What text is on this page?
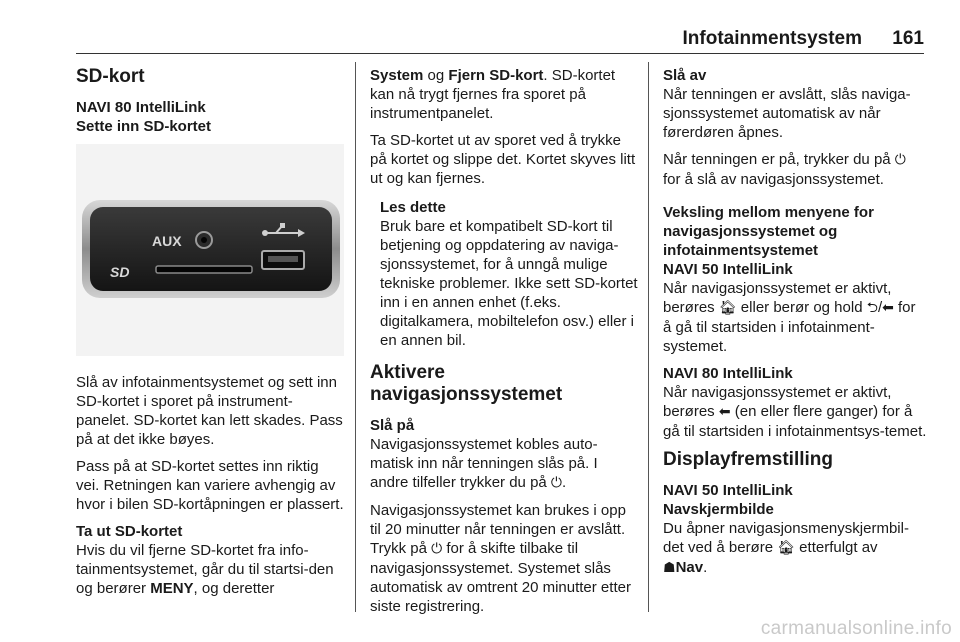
Infotainmentsystem 161
SD-kort
NAVI 80 IntelliLink
Sette inn SD-kortet
AUX
SD

Slå av infotainmentsystemet og sett inn SD-kortet i sporet på instrument-panelet. SD-kortet kan lett skades. Pass på at det ikke bøyes.

Pass på at SD-kortet settes inn riktig vei. Retningen kan variere avhengig av hvor i bilen SD-kortåpningen er plassert.

Ta ut SD-kortet

Hvis du vil fjerne SD-kortet fra info-tainmentsystemet, går du til startsi-den og berører MENY, og deretter

System og Fjern SD-kort. SD-kortet kan nå trygt fjernes fra sporet på instrumentpanelet.

Ta SD-kortet ut av sporet ved å trykke på kortet og slippe det. Kortet skyves litt ut og kan fjernes.

Les dette
Bruk bare et kompatibelt SD-kort til betjening og oppdatering av naviga-sjonssystemet, for å unngå mulige tekniske problemer. Ikke sett SD-kortet inn i en annen enhet (f.eks. digitalkamera, mobiltelefon osv.) eller i en annen bil.
Aktivere navigasjonssystemet
Slå på

Navigasjonssystemet kobles auto-matisk inn når tenningen slås på. I andre tilfeller trykker du på ⏻.

Navigasjonssystemet kan brukes i opp til 20 minutter når tenningen er avslått. Trykk på ⏻ for å skifte tilbake til navigasjonssystemet. Systemet slås automatisk av omtrent 20 minutter etter siste registrering.

Slå av

Når tenningen er avslått, slås naviga-sjonssystemet automatisk av når førerdøren åpnes.

Når tenningen er på, trykker du på ⏻ for å slå av navigasjonssystemet.

Veksling mellom menyene for navigasjonssystemet og infotainmentsystemet
NAVI 50 IntelliLink

Når navigasjonssystemet er aktivt, berøres 🏠︎ eller berør og hold ⮌/⬅ for å gå til startsiden i infotainment-systemet.

NAVI 80 IntelliLink

Når navigasjonssystemet er aktivt, berøres ⬅ (en eller flere ganger) for å gå til startsiden i infotainmentsys-temet.

Displayfremstilling
NAVI 50 IntelliLink
Navskjermbilde

Du åpner navigasjonsmenyskjermbil-det ved å berøre 🏠︎ etterfulgt av
☗Nav.

carmanualsonline.info
